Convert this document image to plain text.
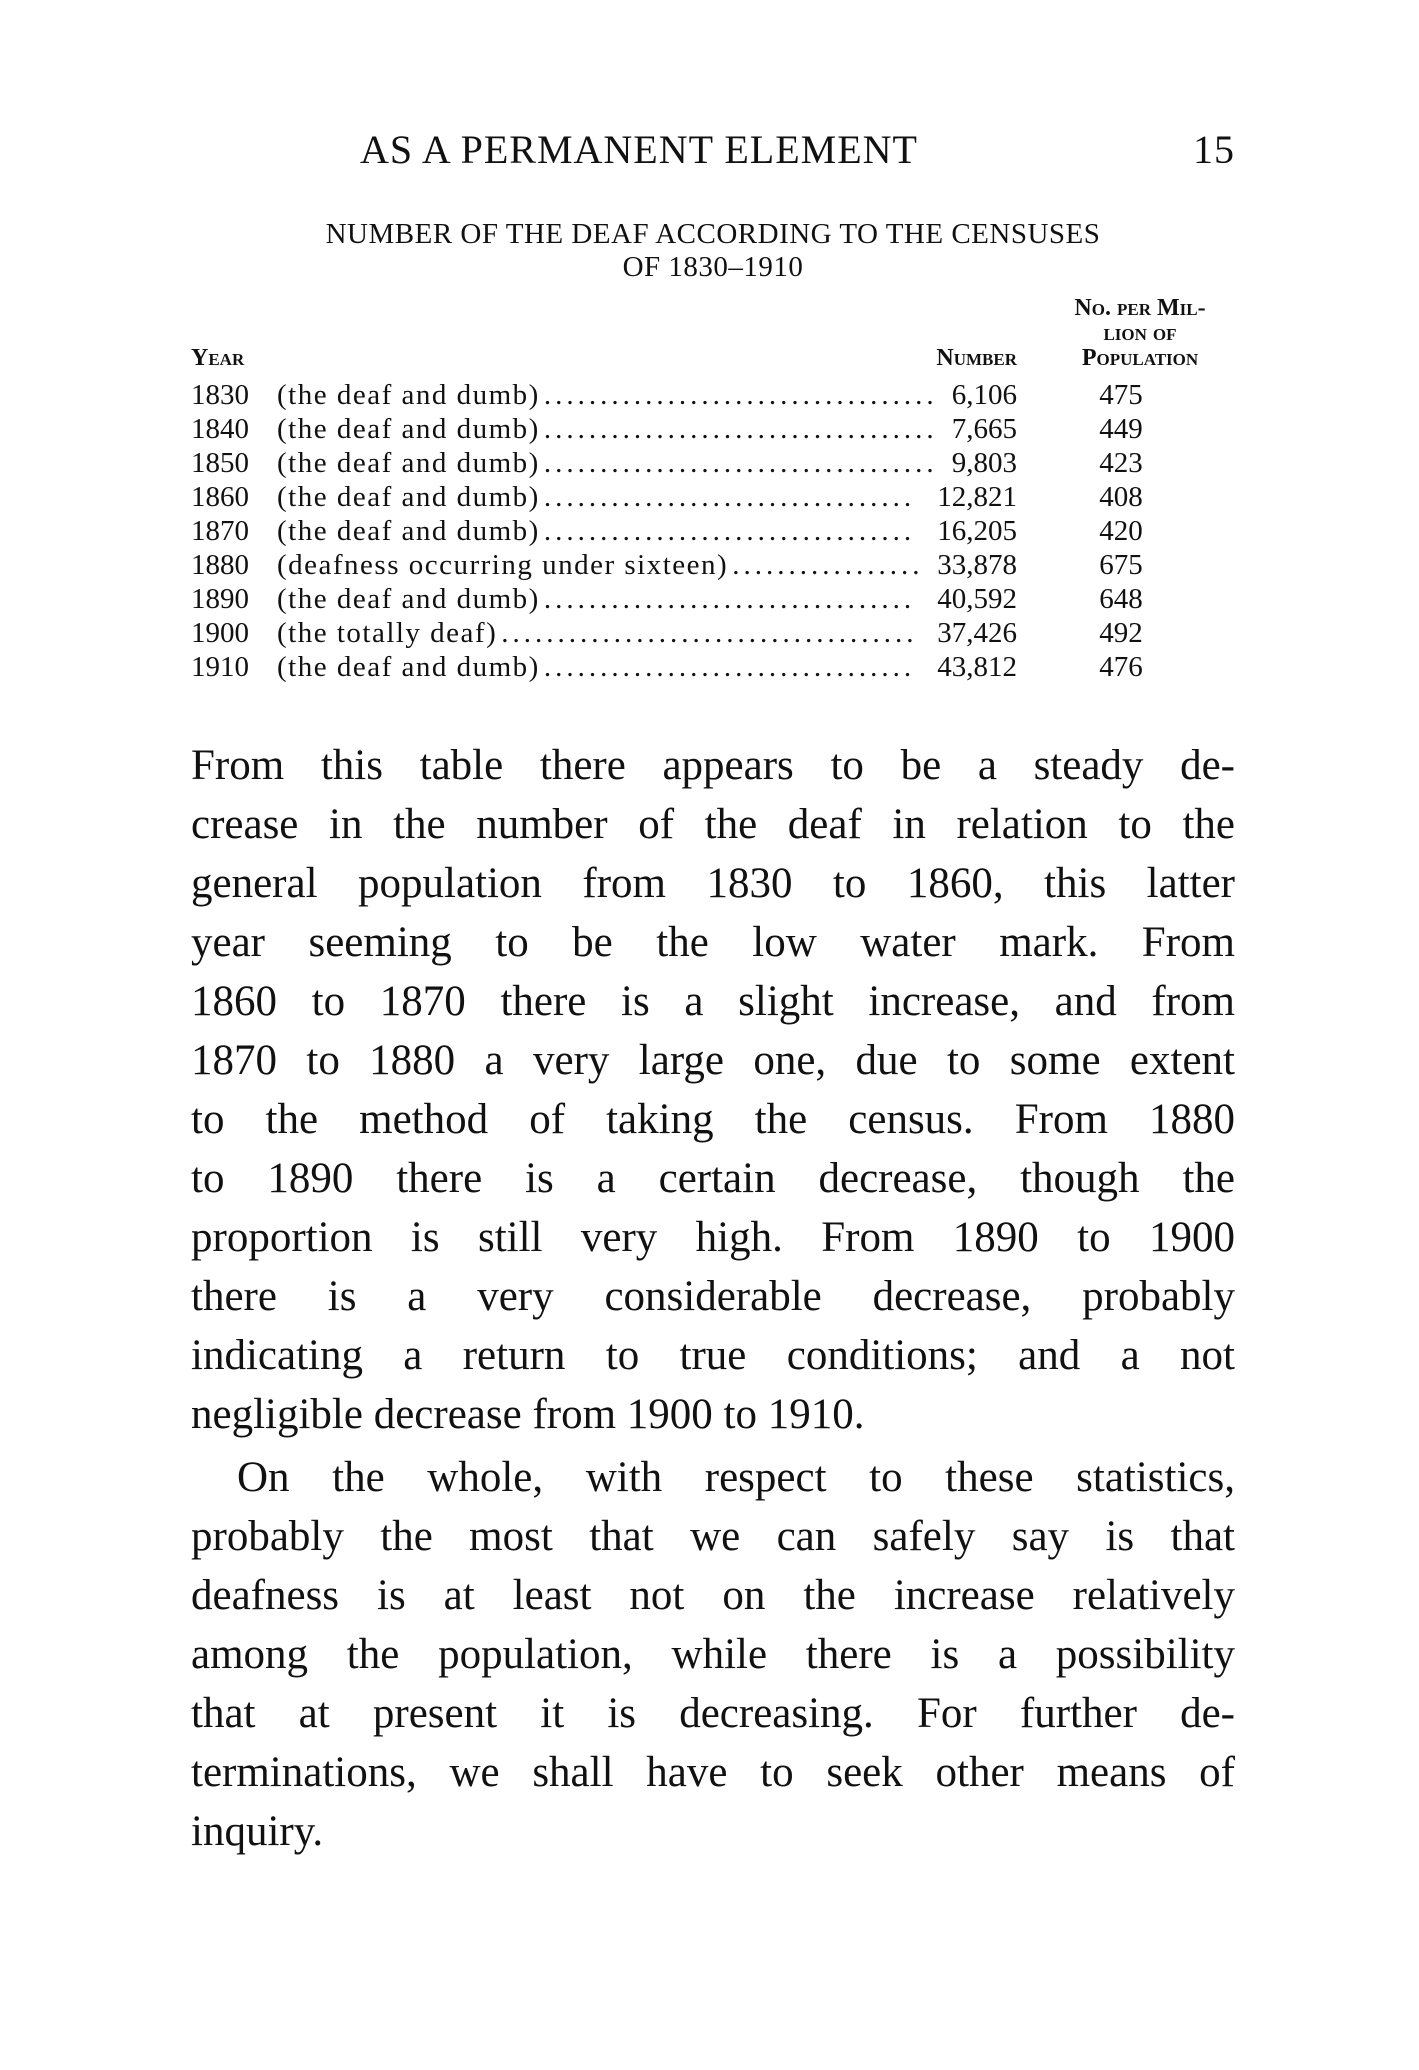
AS A PERMANENT ELEMENT	15
NUMBER OF THE DEAF ACCORDING TO THE CENSUSES
OF 1830–1910
Year	Number
No. per Mil-
lion of
Population
1830 (the deaf and dumb) ................................... 6,106	475
1840 (the deaf and dumb) ................................... 7,665	449
1850 (the deaf and dumb) ................................... 9,803	423
1860 (the deaf and dumb) ................................. 12,821	408
1870 (the deaf and dumb) ................................. 16,205	420
1880 (deafness occurring under sixteen) ................. 33,878	675
1890 (the deaf and dumb) ................................. 40,592	648
1900 (the totally deaf) ..................................... 37,426	492
1910 (the deaf and dumb) ................................. 43,812	476
From this table there appears to be a steady de-
crease in the number of the deaf in relation to the
general population from 1830 to 1860, this latter
year seeming to be the low water mark. From
1860 to 1870 there is a slight increase, and from
1870 to 1880 a very large one, due to some extent
to the method of taking the census. From 1880
to 1890 there is a certain decrease, though the
proportion is still very high. From 1890 to 1900
there is a very considerable decrease, probably
indicating a return to true conditions; and a not
negligible decrease from 1900 to 1910.
On the whole, with respect to these statistics,
probably the most that we can safely say is that
deafness is at least not on the increase relatively
among the population, while there is a possibility
that at present it is decreasing. For further de-
terminations, we shall have to seek other means of
inquiry.
